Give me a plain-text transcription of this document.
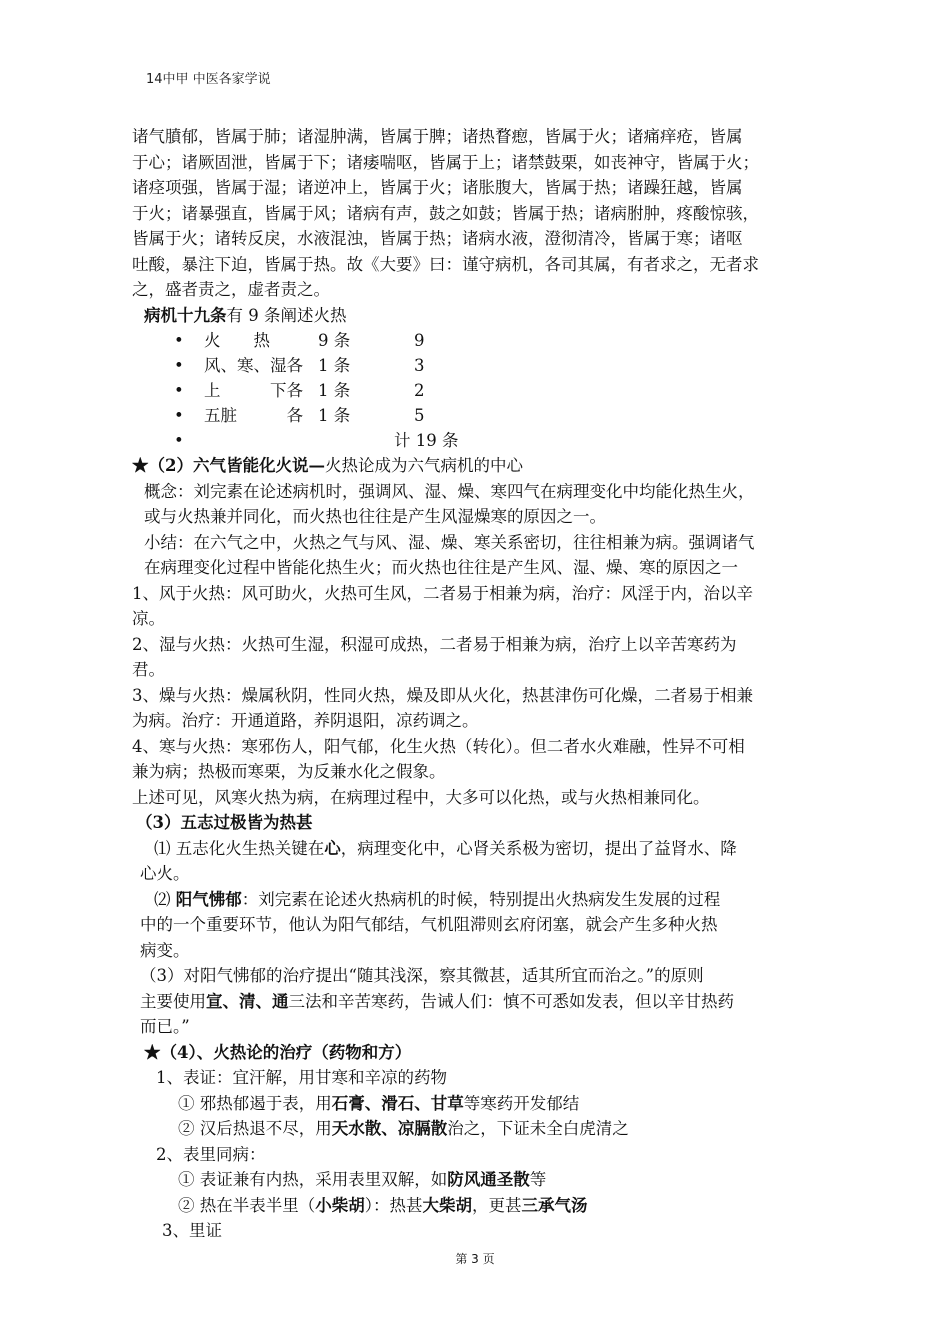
14中甲 中医各家学说
诸气膹郁，皆属于肺；诸湿肿满，皆属于脾；诸热瞀瘛，皆属于火；诸痛痒疮，皆属
于心；诸厥固泄，皆属于下；诸痿喘呕，皆属于上；诸禁鼓栗，如丧神守，皆属于火；
诸痉项强，皆属于湿；诸逆冲上，皆属于火；诸胀腹大，皆属于热；诸躁狂越，皆属
于火；诸暴强直，皆属于风；诸病有声，鼓之如鼓；皆属于热；诸病胕肿，疼酸惊骇，
皆属于火；诸转反戾，水液混浊，皆属于热；诸病水液，澄彻清冷，皆属于寒；诸呕
吐酸，暴注下迫，皆属于热。故《大要》曰：谨守病机，各司其属，有者求之，无者求
之，盛者责之，虚者责之。
病机十九条有 9 条阐述火热
• 火　　热	9 条	9
• 风、寒、湿各 1 条	3
• 上　　　下各 1 条	2
• 五脏　　　各 1 条	5
•	计 19 条
★（2）六气皆能化火说—火热论成为六气病机的中心
概念：刘完素在论述病机时，强调风、湿、燥、寒四气在病理变化中均能化热生火，
或与火热兼并同化，而火热也往往是产生风湿燥寒的原因之一。
小结：在六气之中，火热之气与风、湿、燥、寒关系密切，往往相兼为病。强调诸气
在病理变化过程中皆能化热生火；而火热也往往是产生风、湿、燥、寒的原因之一
1、风于火热：风可助火，火热可生风，二者易于相兼为病，治疗：风淫于内，治以辛
凉。
2、湿与火热：火热可生湿，积湿可成热，二者易于相兼为病，治疗上以辛苦寒药为
君。
3、燥与火热：燥属秋阴，性同火热，燥及即从火化，热甚津伤可化燥，二者易于相兼
为病。治疗：开通道路，养阴退阳，凉药调之。
4、寒与火热：寒邪伤人，阳气郁，化生火热（转化）。但二者水火难融，性异不可相
兼为病；热极而寒栗，为反兼水化之假象。
上述可见，风寒火热为病，在病理过程中，大多可以化热，或与火热相兼同化。
（3）五志过极皆为热甚
⑴ 五志化火生热关键在心，病理变化中，心肾关系极为密切，提出了益肾水、降
心火。
⑵ 阳气怫郁：刘完素在论述火热病机的时候，特别提出火热病发生发展的过程
中的一个重要环节，他认为阳气郁结，气机阻滞则玄府闭塞，就会产生多种火热
病变。
（3）对阳气怫郁的治疗提出“随其浅深，察其微甚，适其所宜而治之。”的原则
主要使用宣、清、通三法和辛苦寒药，告诫人们：慎不可悉如发表，但以辛甘热药
而已。”
★（4）、火热论的治疗（药物和方）
1、表证：宜汗解，用甘寒和辛凉的药物
① 邪热郁遏于表，用石膏、滑石、甘草等寒药开发郁结
② 汉后热退不尽，用天水散、凉膈散治之，下证未全白虎清之
2、表里同病：
① 表证兼有内热，采用表里双解，如防风通圣散等
② 热在半表半里（小柴胡）：热甚大柴胡，更甚三承气汤
3、里证
第 3 页
